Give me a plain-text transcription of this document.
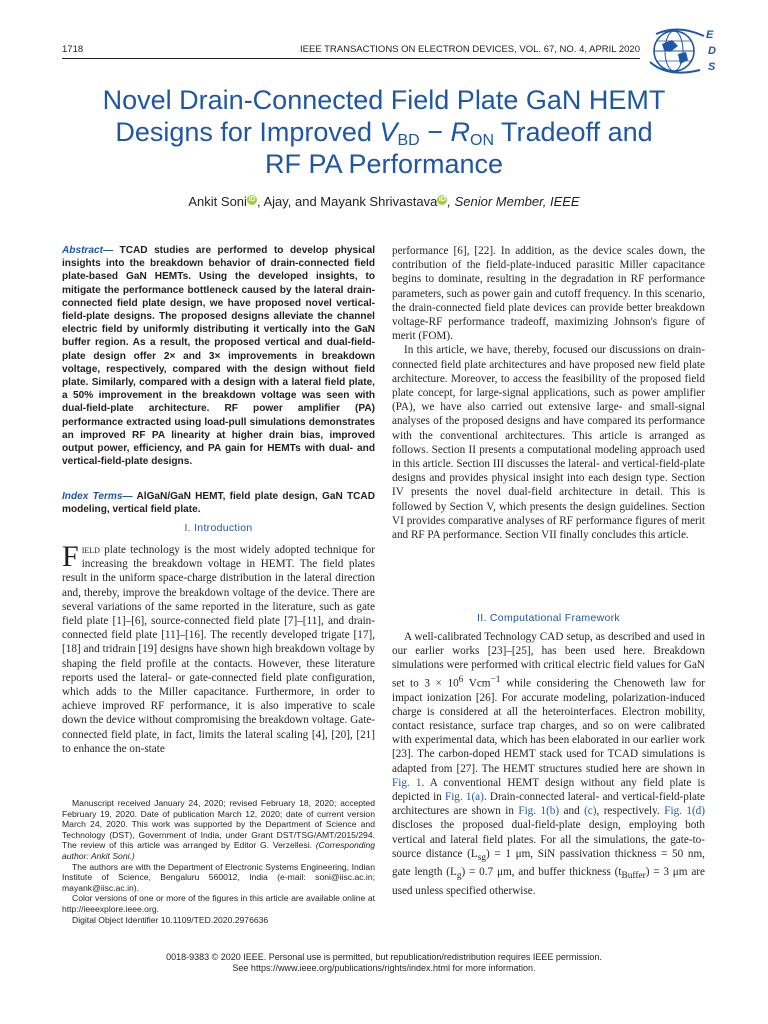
1718	IEEE TRANSACTIONS ON ELECTRON DEVICES, VOL. 67, NO. 4, APRIL 2020
E
D
S
Novel Drain-Connected Field Plate GaN HEMT
Designs for Improved $V_{BD} - R_{ON}$ Tradeoff and
RF PA Performance
Ankit Soni iD , Ajay, and Mayank Shrivastava iD , Senior Member, IEEE
Abstract— TCAD studies are performed to develop physical insights into the breakdown behavior of drain-connected field plate-based GaN HEMTs. Using the developed insights, to mitigate the performance bottleneck caused by the lateral drain-connected field plate design, we have proposed novel vertical-field-plate designs. The proposed designs alleviate the channel electric field by uniformly distributing it vertically into the GaN buffer region. As a result, the proposed vertical and dual-field-plate design offer 2× and 3× improvements in breakdown voltage, respectively, compared with the design without field plate. Similarly, compared with a design with a lateral field plate, a 50% improvement in the breakdown voltage was seen with dual-field-plate architecture. RF power amplifier (PA) performance extracted using load-pull simulations demonstrates an improved RF PA linearity at higher drain bias, improved output power, efficiency, and PA gain for HEMTs with dual- and vertical-field-plate designs.
Index Terms— AlGaN/GaN HEMT, field plate design, GaN TCAD modeling, vertical field plate.
I. Introduction
Field plate technology is the most widely adopted technique for increasing the breakdown voltage in HEMT. The field plates result in the uniform space-charge distribution in the lateral direction and, thereby, improve the breakdown voltage of the device. There are several variations of the same reported in the literature, such as gate field plate [1]–[6], source-connected field plate [7]–[11], and drain-connected field plate [11]–[16]. The recently developed trigate [17], [18] and tridrain [19] designs have shown high breakdown voltage by shaping the field profile at the contacts. However, these literature reports used the lateral- or gate-connected field plate configuration, which adds to the Miller capacitance. Furthermore, in order to achieve improved RF performance, it is also imperative to scale down the device without compromising the breakdown voltage. Gate-connected field plate, in fact, limits the lateral scaling [4], [20], [21] to enhance the on-state

Manuscript received January 24, 2020; revised February 18, 2020; accepted February 19, 2020. Date of publication March 12, 2020; date of current version March 24, 2020. This work was supported by the Department of Science and Technology (DST), Government of India, under Grant DST/TSG/AMT/2015/294. The review of this article was arranged by Editor G. Verzellesi. (Corresponding author: Ankit Soni.)

The authors are with the Department of Electronic Systems Engineering, Indian Institute of Science, Bengaluru 560012, India (e-mail: soni@iisc.ac.in; mayank@iisc.ac.in).

Color versions of one or more of the figures in this article are available online at http://ieeexplore.ieee.org.

Digital Object Identifier 10.1109/TED.2020.2976636

performance [6], [22]. In addition, as the device scales down, the contribution of the field-plate-induced parasitic Miller capacitance begins to dominate, resulting in the degradation in RF performance parameters, such as power gain and cutoff frequency. In this scenario, the drain-connected field plate devices can provide better breakdown voltage-RF performance tradeoff, maximizing Johnson's figure of merit (FOM).

In this article, we have, thereby, focused our discussions on drain-connected field plate architectures and have proposed new field plate architecture. Moreover, to access the feasibility of the proposed field plate concept, for large-signal applications, such as power amplifier (PA), we have also carried out extensive large- and small-signal analyses of the proposed designs and have compared its performance with the conventional architectures. This article is arranged as follows. Section II presents a computational modeling approach used in this article. Section III discusses the lateral- and vertical-field-plate designs and provides physical insight into each design type. Section IV presents the novel dual-field architecture in detail. This is followed by Section V, which presents the design guidelines. Section VI provides comparative analyses of RF performance figures of merit and RF PA performance. Section VII finally concludes this article.

II. Computational Framework

A well-calibrated Technology CAD setup, as described and used in our earlier works [23]–[25], has been used here. Breakdown simulations were performed with critical electric field values for GaN set to $3 \times 10^6$ Vcm$^{-1}$ while considering the Chenoweth law for impact ionization [26]. For accurate modeling, polarization-induced charge is considered at all the heterointerfaces. Electron mobility, contact resistance, surface trap charges, and so on were calibrated with experimental data, which has been elaborated in our earlier work [23]. The carbon-doped HEMT stack used for TCAD simulations is adapted from [27]. The HEMT structures studied here are shown in Fig. 1. A conventional HEMT design without any field plate is depicted in Fig. 1(a). Drain-connected lateral- and vertical-field-plate architectures are shown in Fig. 1(b) and (c), respectively. Fig. 1(d) discloses the proposed dual-field-plate design, employing both vertical and lateral field plates. For all the simulations, the gate-to-source distance $(L_{sg}) = 1$ μm, SiN passivation thickness = 50 nm, gate length $(L_g) = 0.7$ μm, and buffer thickness $(t_{Buffer}) = 3$ μm are used unless specified otherwise.

0018-9383 © 2020 IEEE. Personal use is permitted, but republication/redistribution requires IEEE permission.
See https://www.ieee.org/publications/rights/index.html for more information.
